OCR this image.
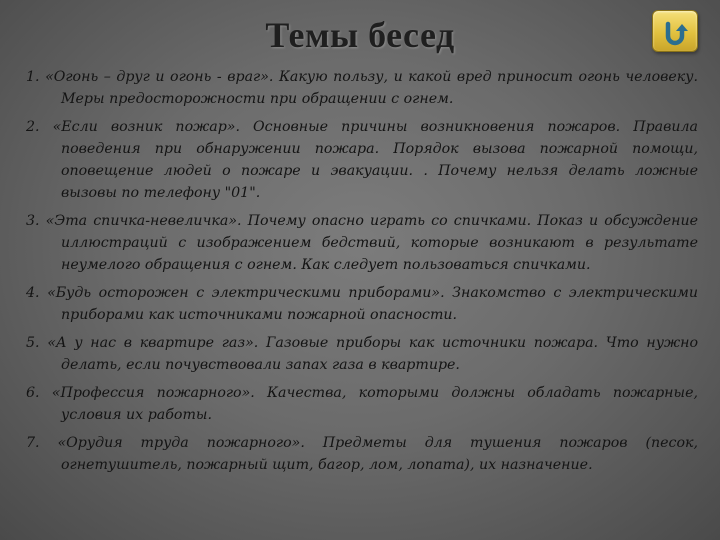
Темы бесед
1. «Огонь – друг и огонь - враг». Какую пользу, и какой вред приносит огонь человеку. Меры предосторожности при обращении с огнем.
2. «Если возник пожар». Основные причины возникновения пожаров. Правила поведения при обнаружении пожара. Порядок вызова пожарной помощи, оповещение людей о пожаре и эвакуации. . Почему нельзя делать ложные вызовы по телефону "01".
3. «Эта спичка-невеличка». Почему опасно играть со спичками. Показ и обсуждение иллюстраций с изображением бедствий, которые возникают в результате неумелого обращения с огнем. Как следует пользоваться спичками.
4. «Будь осторожен с электрическими приборами». Знакомство с электрическими приборами как источниками пожарной опасности.
5. «А у нас в квартире газ». Газовые приборы как источники пожара. Что нужно делать, если почувствовали запах газа в квартире.
6. «Профессия пожарного». Качества, которыми должны обладать пожарные, условия их работы.
7. «Орудия труда пожарного». Предметы для тушения пожаров (песок, огнетушитель, пожарный щит, багор, лом, лопата), их назначение.
